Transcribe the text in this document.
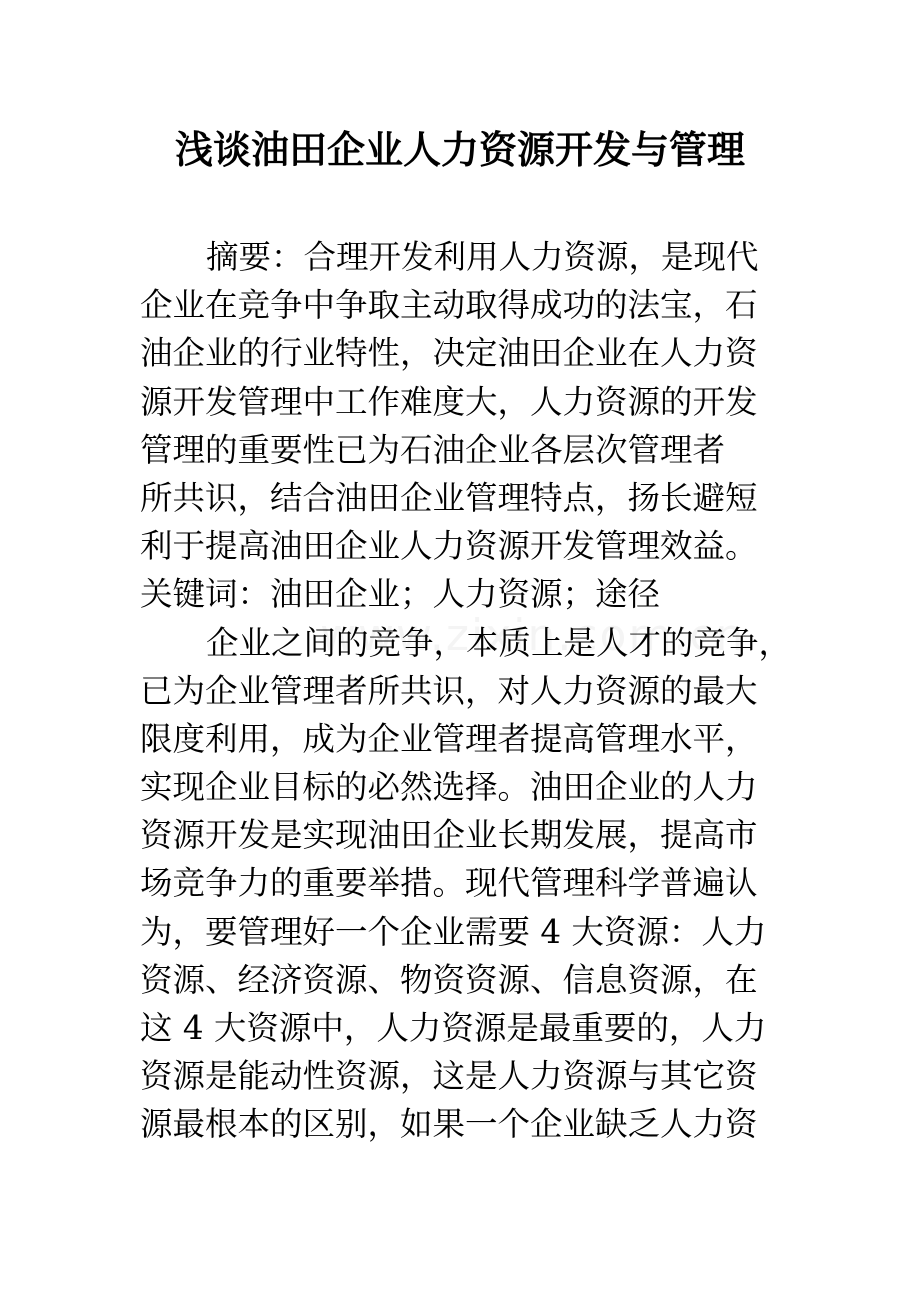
浅谈油田企业人力资源开发与管理
摘要：合理开发利用人力资源，是现代
企业在竞争中争取主动取得成功的法宝，石
油企业的行业特性，决定油田企业在人力资
源开发管理中工作难度大，人力资源的开发
管理的重要性已为石油企业各层次管理者
所共识，结合油田企业管理特点，扬长避短
利于提高油田企业人力资源开发管理效益。
关键词：油田企业；人力资源；途径
企业之间的竞争，本质上是人才的竞争，
已为企业管理者所共识，对人力资源的最大
限度利用，成为企业管理者提高管理水平，
实现企业目标的必然选择。油田企业的人力
资源开发是实现油田企业长期发展，提高市
场竞争力的重要举措。现代管理科学普遍认
为，要管理好一个企业需要 4 大资源：人力
资源、经济资源、物资资源、信息资源，在
这 4 大资源中，人力资源是最重要的，人力
资源是能动性资源，这是人力资源与其它资
源最根本的区别，如果一个企业缺乏人力资
